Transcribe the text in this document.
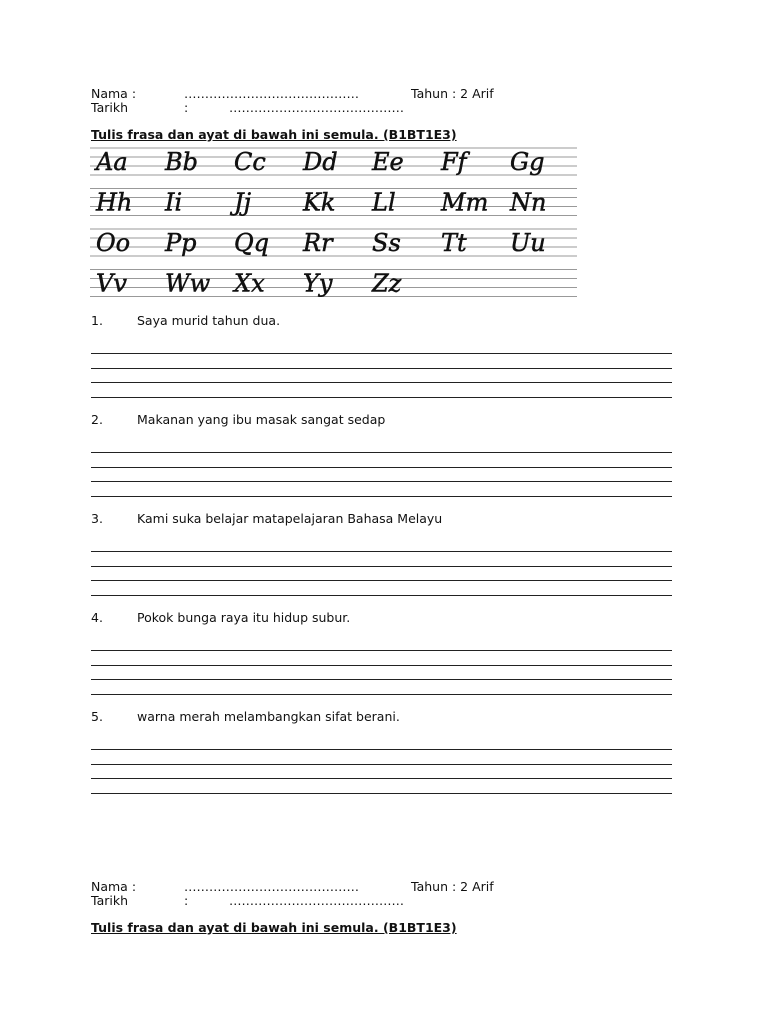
Nama :	……………………………………	Tahun : 2 Arif
Tarikh	:	……………………………………
Tulis frasa dan ayat di bawah ini semula. (B1BT1E3)
Aa Bb Cc Dd Ee Ff Gg
Hh Ii Jj Kk Ll Mm Nn
Oo Pp Qq Rr Ss Tt Uu
Vv Ww Xx Yy Zz
1.	Saya murid tahun dua.
2.	Makanan yang ibu masak sangat sedap
3.	Kami suka belajar matapelajaran Bahasa Melayu
4.	Pokok bunga raya itu hidup subur.
5.	warna merah melambangkan sifat berani.
Nama :	……………………………………	Tahun : 2 Arif
Tarikh	:	……………………………………
Tulis frasa dan ayat di bawah ini semula. (B1BT1E3)
